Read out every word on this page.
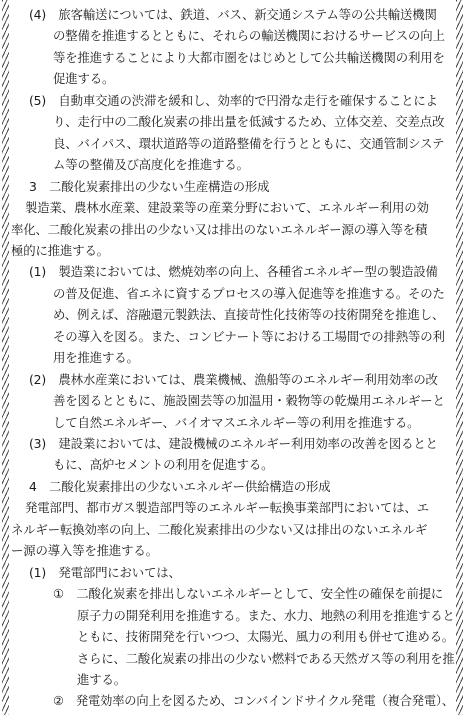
(4)　旅客輸送については、鉄道、バス、新交通システム等の公共輸送機関
の整備を推進するとともに、それらの輸送機関におけるサービスの向上
等を推進することにより大都市圏をはじめとして公共輸送機関の利用を
促進する。
(5)　自動車交通の渋滞を緩和し、効率的で円滑な走行を確保することによ
り、走行中の二酸化炭素の排出量を低減するため、立体交差、交差点改
良、バイパス、環状道路等の道路整備を行うとともに、交通管制システ
ム等の整備及び高度化を推進する。
3　二酸化炭素排出の少ない生産構造の形成
製造業、農林水産業、建設業等の産業分野において、エネルギー利用の効
率化、二酸化炭素の排出の少ない又は排出のないエネルギー源の導入等を積
極的に推進する。
(1)　製造業においては、燃焼効率の向上、各種省エネルギー型の製造設備
の普及促進、省エネに資するプロセスの導入促進等を推進する。そのた
め、例えば、溶融還元製鉄法、直接苛性化技術等の技術開発を推進し、
その導入を図る。また、コンビナート等における工場間での排熱等の利
用を推進する。
(2)　農林水産業においては、農業機械、漁船等のエネルギー利用効率の改
善を図るとともに、施設園芸等の加温用・穀物等の乾燥用エネルギーと
して自然エネルギー、バイオマスエネルギー等の利用を推進する。
(3)　建設業においては、建設機械のエネルギー利用効率の改善を図るとと
もに、高炉セメントの利用を促進する。
4　二酸化炭素排出の少ないエネルギー供給構造の形成
発電部門、都市ガス製造部門等のエネルギー転換事業部門においては、エ
ネルギー転換効率の向上、二酸化炭素排出の少ない又は排出のないエネルギ
ー源の導入等を推進する。
(1)　発電部門においては、
①　二酸化炭素を排出しないエネルギーとして、安全性の確保を前提に
原子力の開発利用を推進する。また、水力、地熱の利用を推進すると
ともに、技術開発を行いつつ、太陽光、風力の利用も併せて進める。
さらに、二酸化炭素の排出の少ない燃料である天然ガス等の利用を推
進する。
②　発電効率の向上を図るため、コンバインドサイクル発電（複合発電）、
